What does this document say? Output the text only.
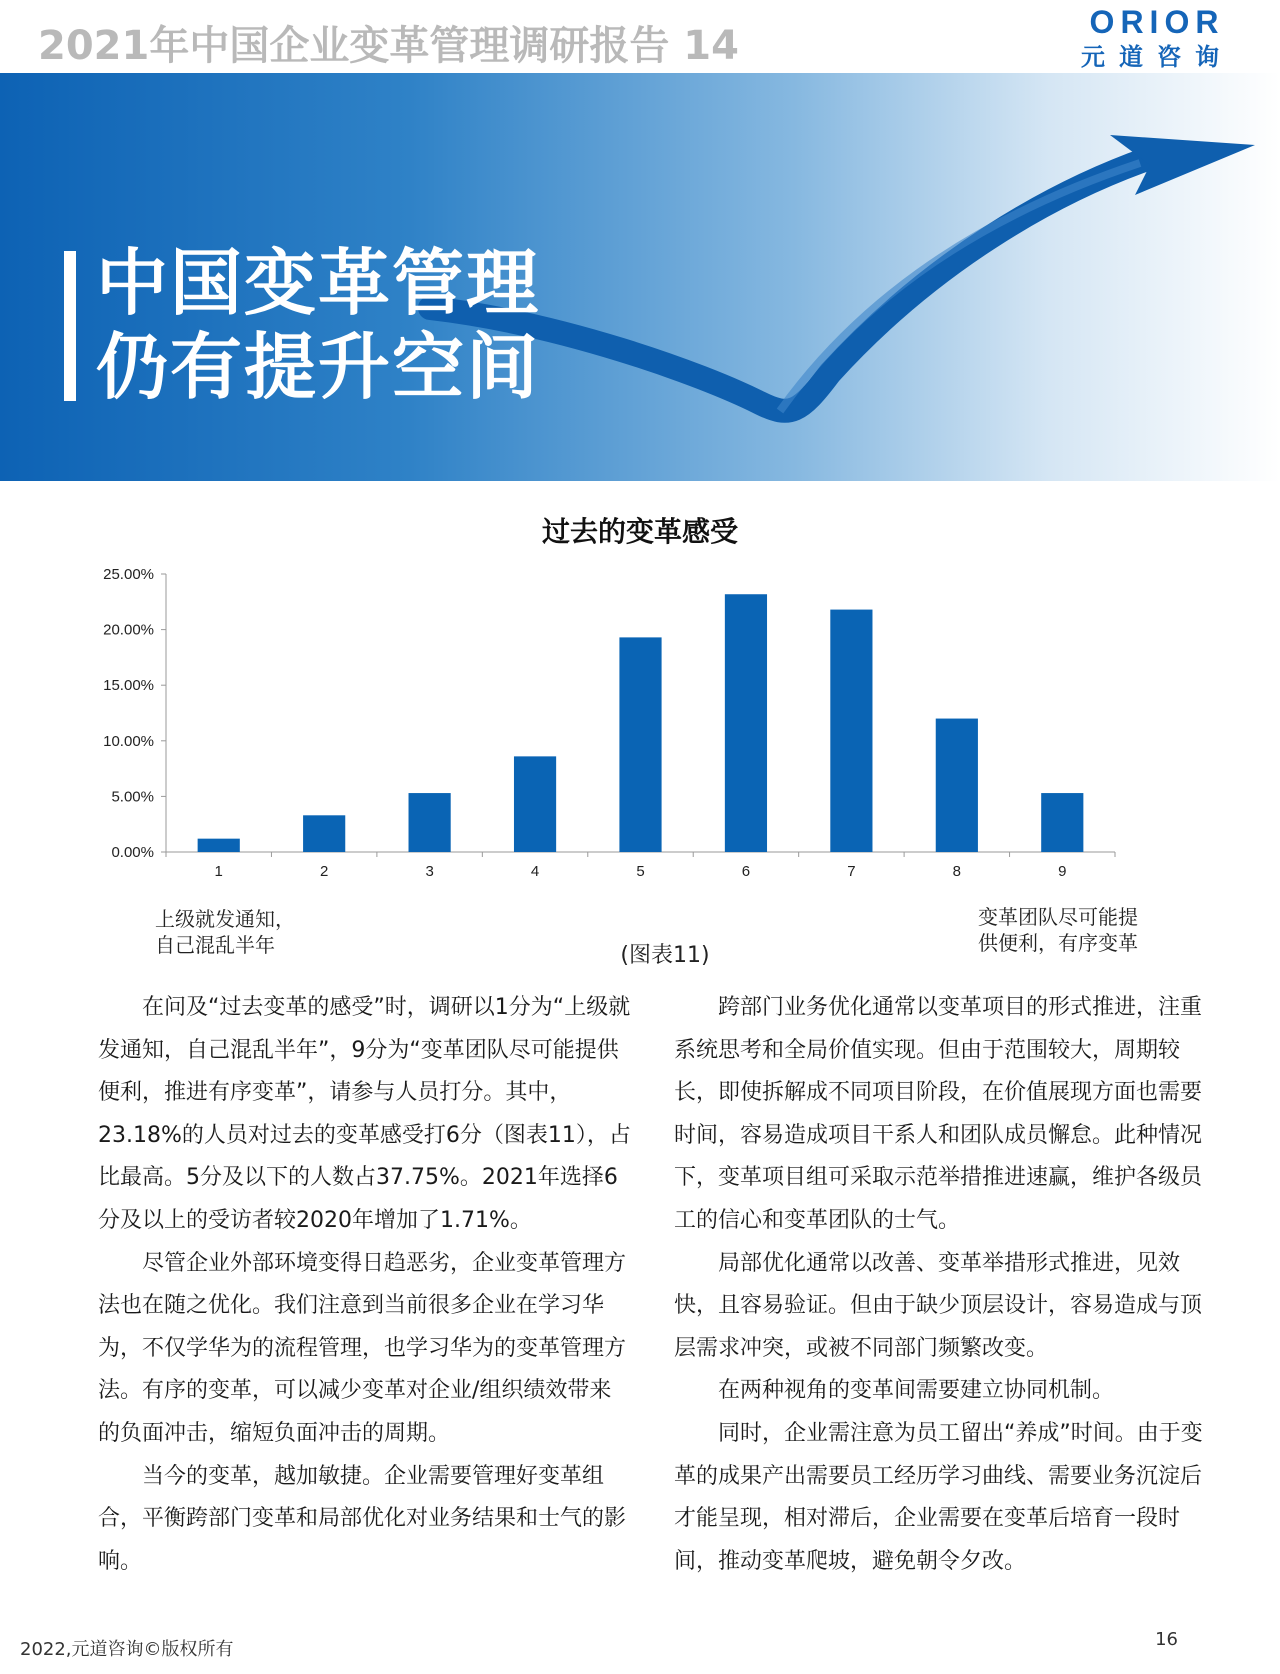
2021年中国企业变革管理调研报告 14
ORIOR
元道咨询
中国变革管理
仍有提升空间
过去的变革感受
0.00%
5.00%
10.00%
15.00%
20.00%
25.00%
1	2	3	4	5	6	7	8	9
上级就发通知，
自己混乱半年
变革团队尽可能提
供便利，有序变革
(图表11)

在问及“过去变革的感受”时，调研以1分为“上级就发通知，自己混乱半年”，9分为“变革团队尽可能提供便利，推进有序变革”，请参与人员打分。其中，23.18%的人员对过去的变革感受打6分（图表11），占比最高。5分及以下的人数占37.75%。2021年选择6分及以上的受访者较2020年增加了1.71%。

尽管企业外部环境变得日趋恶劣，企业变革管理方法也在随之优化。我们注意到当前很多企业在学习华为，不仅学华为的流程管理，也学习华为的变革管理方法。有序的变革，可以减少变革对企业/组织绩效带来的负面冲击，缩短负面冲击的周期。

当今的变革，越加敏捷。企业需要管理好变革组合，平衡跨部门变革和局部优化对业务结果和士气的影响。

跨部门业务优化通常以变革项目的形式推进，注重系统思考和全局价值实现。但由于范围较大，周期较长，即使拆解成不同项目阶段，在价值展现方面也需要时间，容易造成项目干系人和团队成员懈怠。此种情况下，变革项目组可采取示范举措推进速赢，维护各级员工的信心和变革团队的士气。

局部优化通常以改善、变革举措形式推进，见效快，且容易验证。但由于缺少顶层设计，容易造成与顶层需求冲突，或被不同部门频繁改变。

在两种视角的变革间需要建立协同机制。

同时，企业需注意为员工留出“养成”时间。由于变革的成果产出需要员工经历学习曲线、需要业务沉淀后才能呈现，相对滞后，企业需要在变革后培育一段时间，推动变革爬坡，避免朝令夕改。

2022,元道咨询©版权所有	16
